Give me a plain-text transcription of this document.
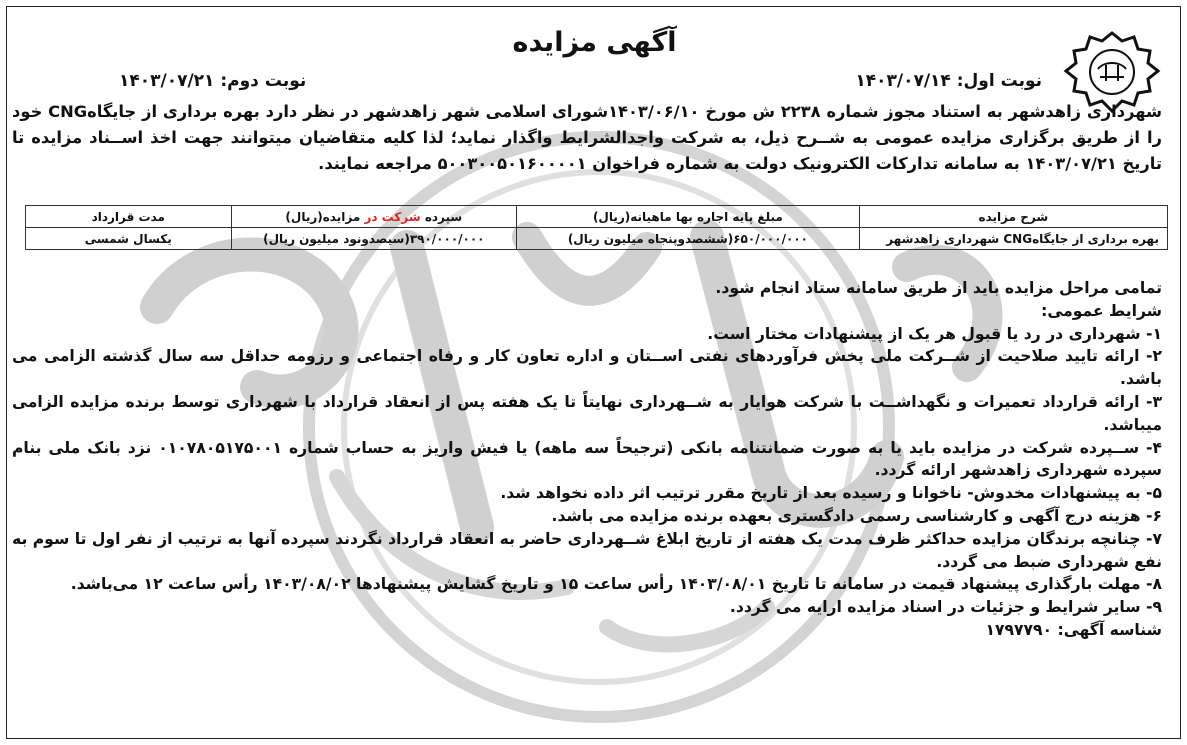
آگهی مزایده
نوبت اول: ۱۴۰۳/۰۷/۱۴
نوبت دوم: ۱۴۰۳/۰۷/۲۱
شهرداری زاهدشهر به استناد مجوز شماره ۲۲۳۸ ش مورخ ۱۴۰۳/۰۶/۱۰شورای اسلامی شهر زاهدشهر در نظر دارد بهره برداری از جایگاهCNG خود را از طریق برگزاری مزایده عمومی به شــرح ذیل، به شرکت واجدالشرایط واگذار نماید؛ لذا کلیه متقاضیان میتوانند جهت اخذ اســناد مزایده تا تاریخ ۱۴۰۳/۰۷/۲۱ به سامانه تدارکات الکترونیک دولت به شماره فراخوان ۵۰۰۳۰۰۵۰۱۶۰۰۰۰۱ مراجعه نمایند.
شرح مزایده	مبلغ پایه اجاره بها ماهیانه(ریال)	سپرده شرکت در مزایده(ریال)	مدت قرارداد
بهره برداری از جایگاهCNG شهرداری زاهدشهر	۶۵۰/۰۰۰/۰۰۰(ششصدوپنجاه میلیون ریال)	۳۹۰/۰۰۰/۰۰۰(سیصدونود میلیون ریال)	یکسال شمسی

تمامی مراحل مزایده باید از طریق سامانه ستاد انجام شود.

شرایط عمومی:

۱- شهرداری در رد یا قبول هر یک از پیشنهادات مختار است.

۲- ارائه تایید صلاحیت از شــرکت ملی پخش فرآوردهای نفتی اســتان و اداره تعاون کار و رفاه اجتماعی و رزومه حداقل سه سال گذشته الزامی می باشد.

۳- ارائه قرارداد تعمیرات و نگهداشــت با شرکت هوایار به شــهرداری نهایتاً تا یک هفته پس از انعقاد قرارداد با شهرداری توسط برنده مزایده الزامی میباشد.

۴- ســپرده شرکت در مزایده باید یا به صورت ضمانتنامه بانکی (ترجیحاً سه ماهه) یا فیش واریز به حساب شماره ۰۱۰۷۸۰۵۱۷۵۰۰۱ نزد بانک ملی بنام سپرده شهرداری زاهدشهر ارائه گردد.

۵- به پیشنهادات مخدوش- ناخوانا و رسیده بعد از تاریخ مقرر ترتیب اثر داده نخواهد شد.

۶- هزینه درج آگهی و کارشناسی رسمی دادگستری بعهده برنده مزایده می باشد.

۷- چنانچه برندگان مزایده حداکثر ظرف مدت یک هفته از تاریخ ابلاغ شــهرداری حاضر به انعقاد قرارداد نگردند سپرده آنها به ترتیب از نفر اول تا سوم به نفع شهرداری ضبط می گردد.

۸- مهلت بارگذاری پیشنهاد قیمت در سامانه تا تاریخ ۱۴۰۳/۰۸/۰۱ رأس ساعت ۱۵ و تاریخ گشایش پیشنهادها ۱۴۰۳/۰۸/۰۲ رأس ساعت ۱۲ می‌باشد.

۹- سایر شرایط و جزئیات در اسناد مزایده ارایه می گردد.

شناسه آگهی: ۱۷۹۷۷۹۰
